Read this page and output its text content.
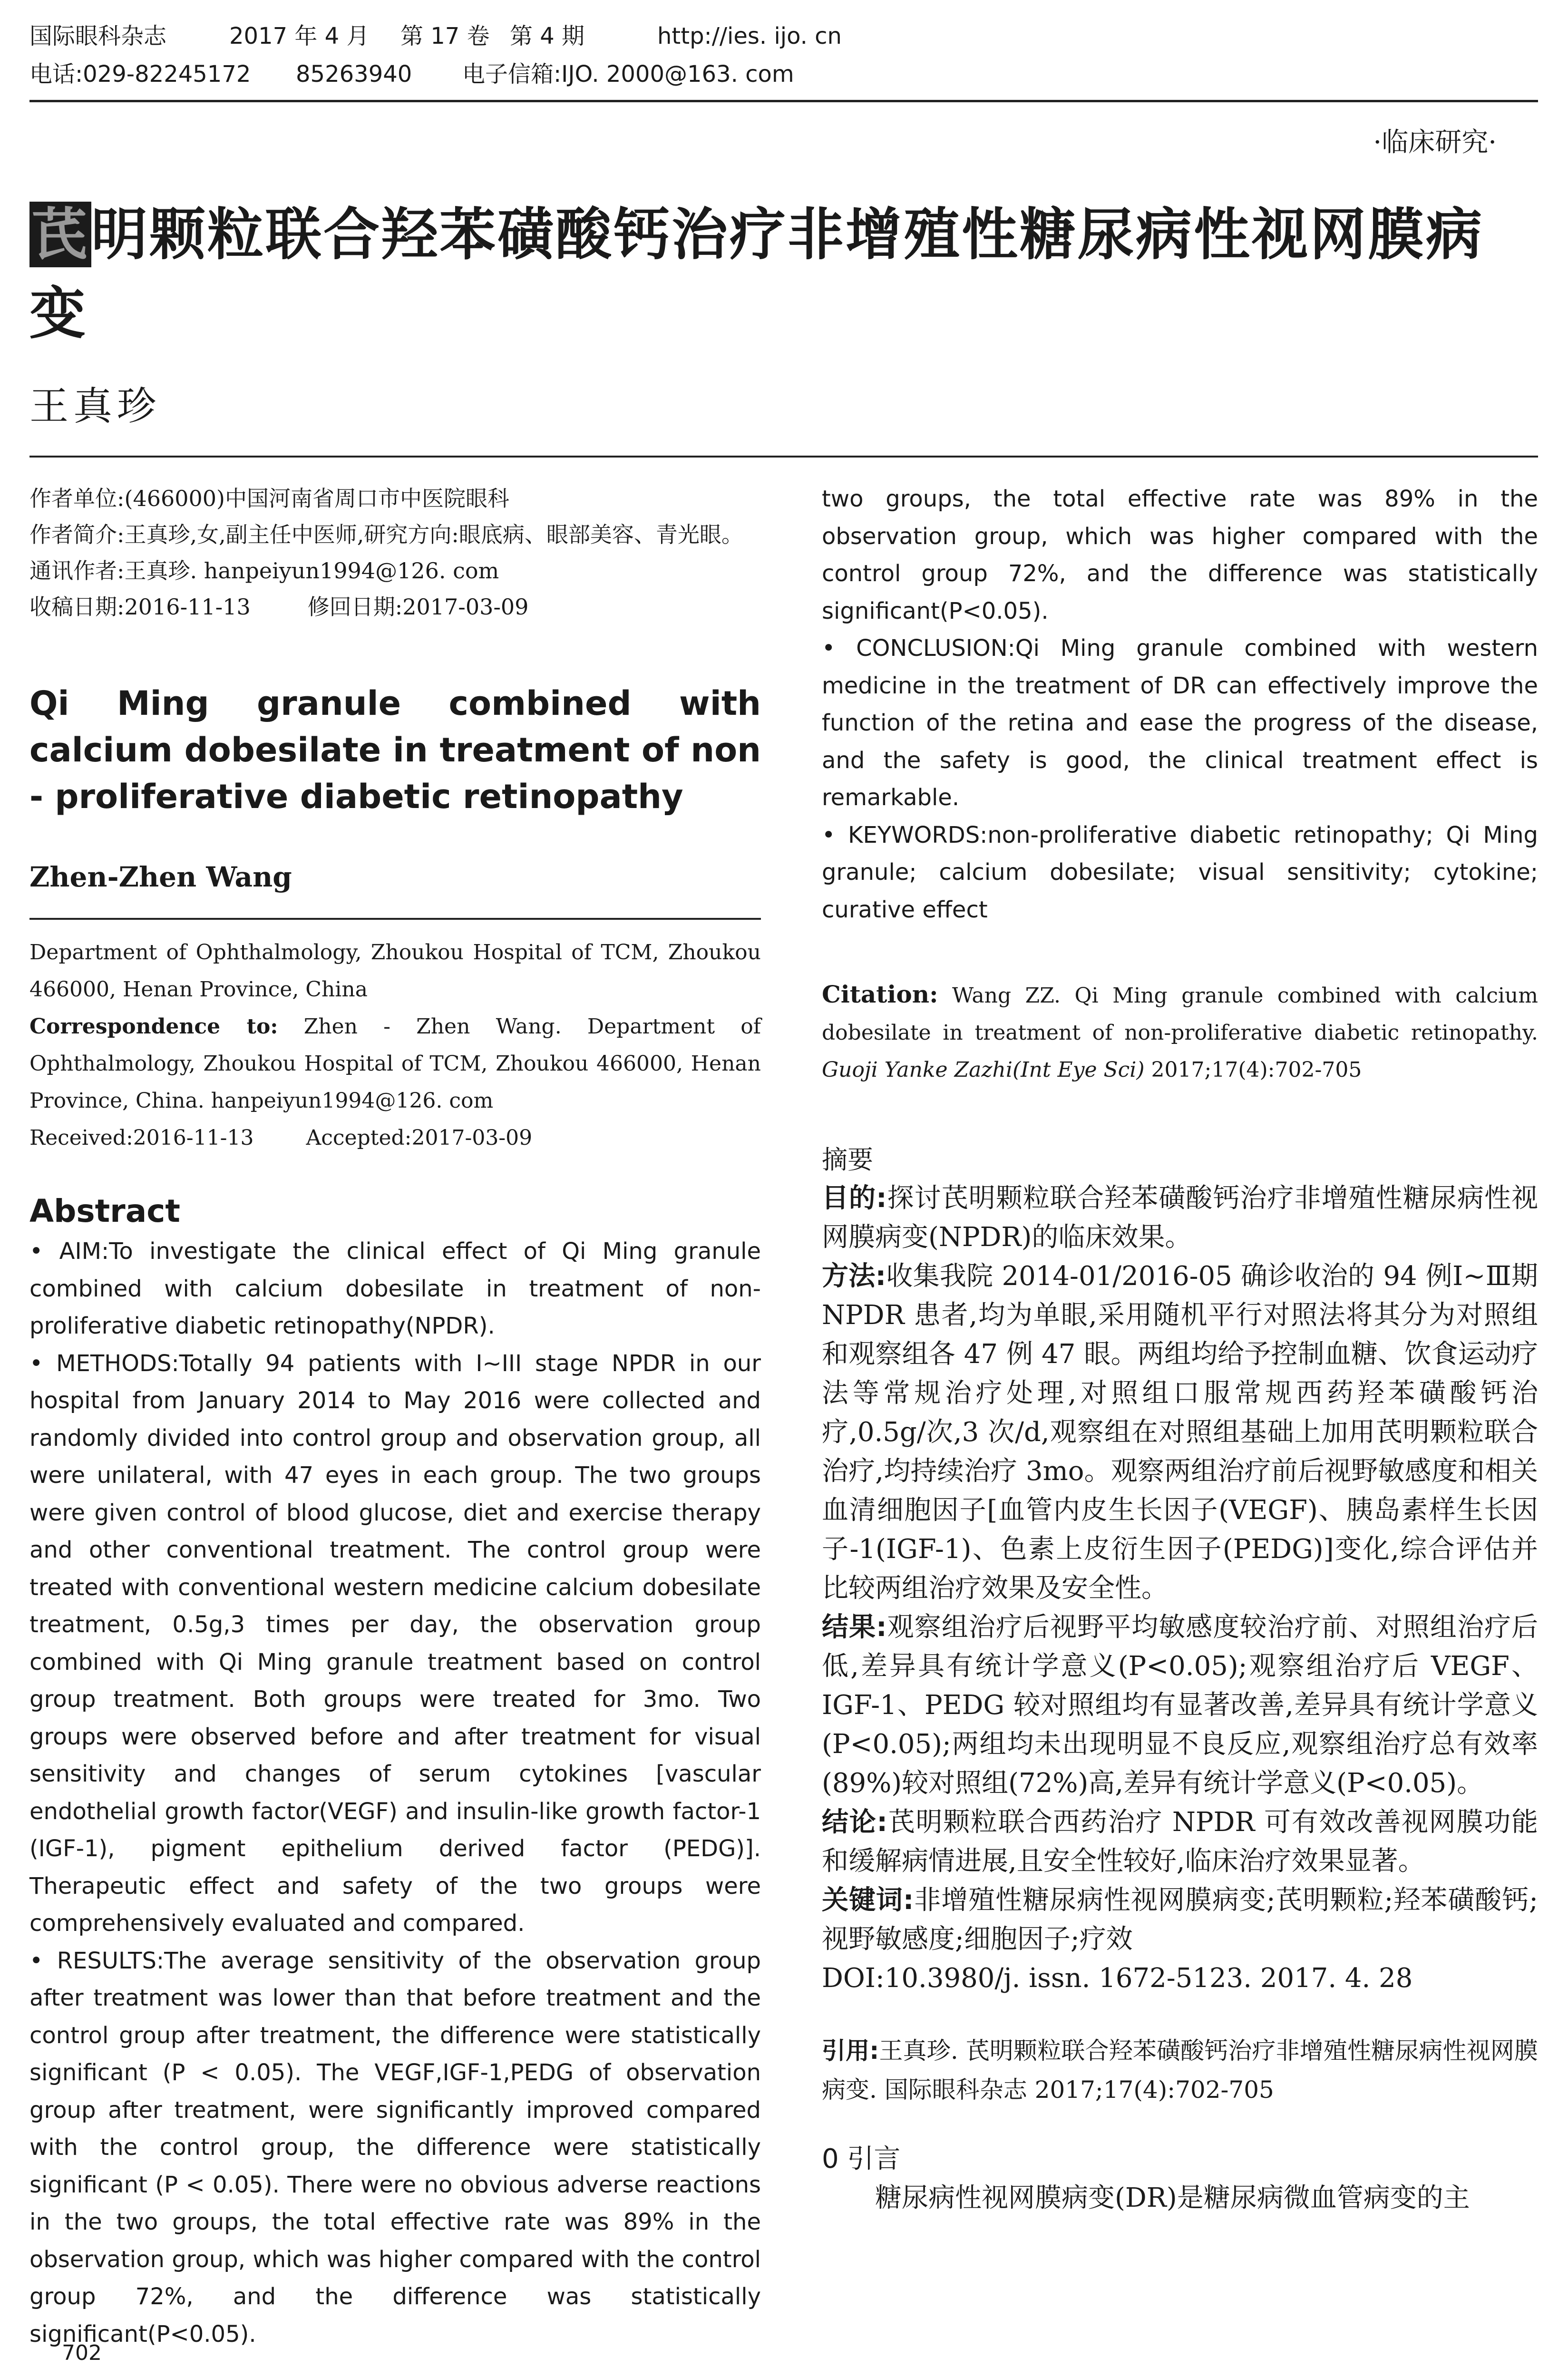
国际眼科杂志	2017 年 4 月	第 17 卷 第 4 期	http://ies. ijo. cn
电话:029-82245172	85263940	电子信箱:IJO. 2000@163. com
·临床研究·
芪明颗粒联合羟苯磺酸钙治疗非增殖性糖尿病性视网膜病变
王真珍

作者单位:(466000)中国河南省周口市中医院眼科

作者简介:王真珍,女,副主任中医师,研究方向:眼底病、眼部美容、青光眼。

通讯作者:王真珍. hanpeiyun1994@126. com

收稿日期:2016-11-13	修回日期:2017-03-09

Qi Ming granule combined with calcium dobesilate in treatment of non - proliferative diabetic retinopathy
Zhen-Zhen Wang

Department of Ophthalmology, Zhoukou Hospital of TCM, Zhoukou 466000, Henan Province, China

Correspondence to: Zhen - Zhen Wang. Department of Ophthalmology, Zhoukou Hospital of TCM, Zhoukou 466000, Henan Province, China. hanpeiyun1994@126. com

Received:2016-11-13	Accepted:2017-03-09

Abstract

• AIM:To investigate the clinical effect of Qi Ming granule combined with calcium dobesilate in treatment of non-proliferative diabetic retinopathy(NPDR).

• METHODS:Totally 94 patients with I~III stage NPDR in our hospital from January 2014 to May 2016 were collected and randomly divided into control group and observation group, all were unilateral, with 47 eyes in each group. The two groups were given control of blood glucose, diet and exercise therapy and other conventional treatment. The control group were treated with conventional western medicine calcium dobesilate treatment, 0.5g,3 times per day, the observation group combined with Qi Ming granule treatment based on control group treatment. Both groups were treated for 3mo. Two groups were observed before and after treatment for visual sensitivity and changes of serum cytokines [vascular endothelial growth factor(VEGF) and insulin-like growth factor-1 (IGF-1), pigment epithelium derived factor (PEDG)]. Therapeutic effect and safety of the two groups were comprehensively evaluated and compared.

• RESULTS:The average sensitivity of the observation group after treatment was lower than that before treatment and the control group after treatment, the difference were statistically significant (P < 0.05). The VEGF,IGF-1,PEDG of observation group after treatment, were significantly improved compared with the control group, the difference were statistically significant (P < 0.05). There were no obvious adverse reactions in the two groups, the total effective rate was 89% in the observation group, which was higher compared with the control group 72%, and the difference was statistically significant(P<0.05).

two groups, the total effective rate was 89% in the observation group, which was higher compared with the control group 72%, and the difference was statistically significant(P<0.05).

• CONCLUSION:Qi Ming granule combined with western medicine in the treatment of DR can effectively improve the function of the retina and ease the progress of the disease, and the safety is good, the clinical treatment effect is remarkable.

• KEYWORDS:non-proliferative diabetic retinopathy; Qi Ming granule; calcium dobesilate; visual sensitivity; cytokine; curative effect

Citation: Wang ZZ. Qi Ming granule combined with calcium dobesilate in treatment of non-proliferative diabetic retinopathy. Guoji Yanke Zazhi(Int Eye Sci) 2017;17(4):702-705

摘要

目的:探讨芪明颗粒联合羟苯磺酸钙治疗非增殖性糖尿病性视网膜病变(NPDR)的临床效果。

方法:收集我院 2014-01/2016-05 确诊收治的 94 例Ⅰ~Ⅲ期 NPDR 患者,均为单眼,采用随机平行对照法将其分为对照组和观察组各 47 例 47 眼。两组均给予控制血糖、饮食运动疗法等常规治疗处理,对照组口服常规西药羟苯磺酸钙治疗,0.5g/次,3 次/d,观察组在对照组基础上加用芪明颗粒联合治疗,均持续治疗 3mo。观察两组治疗前后视野敏感度和相关血清细胞因子[血管内皮生长因子(VEGF)、胰岛素样生长因子-1(IGF-1)、色素上皮衍生因子(PEDG)]变化,综合评估并比较两组治疗效果及安全性。

结果:观察组治疗后视野平均敏感度较治疗前、对照组治疗后低,差异具有统计学意义(P<0.05);观察组治疗后 VEGF、IGF-1、PEDG 较对照组均有显著改善,差异具有统计学意义(P<0.05);两组均未出现明显不良反应,观察组治疗总有效率(89%)较对照组(72%)高,差异有统计学意义(P<0.05)。

结论:芪明颗粒联合西药治疗 NPDR 可有效改善视网膜功能和缓解病情进展,且安全性较好,临床治疗效果显著。

关键词:非增殖性糖尿病性视网膜病变;芪明颗粒;羟苯磺酸钙;视野敏感度;细胞因子;疗效

DOI:10.3980/j. issn. 1672-5123. 2017. 4. 28

引用:王真珍. 芪明颗粒联合羟苯磺酸钙治疗非增殖性糖尿病性视网膜病变. 国际眼科杂志 2017;17(4):702-705

0 引言

糖尿病性视网膜病变(DR)是糖尿病微血管病变的主

702
